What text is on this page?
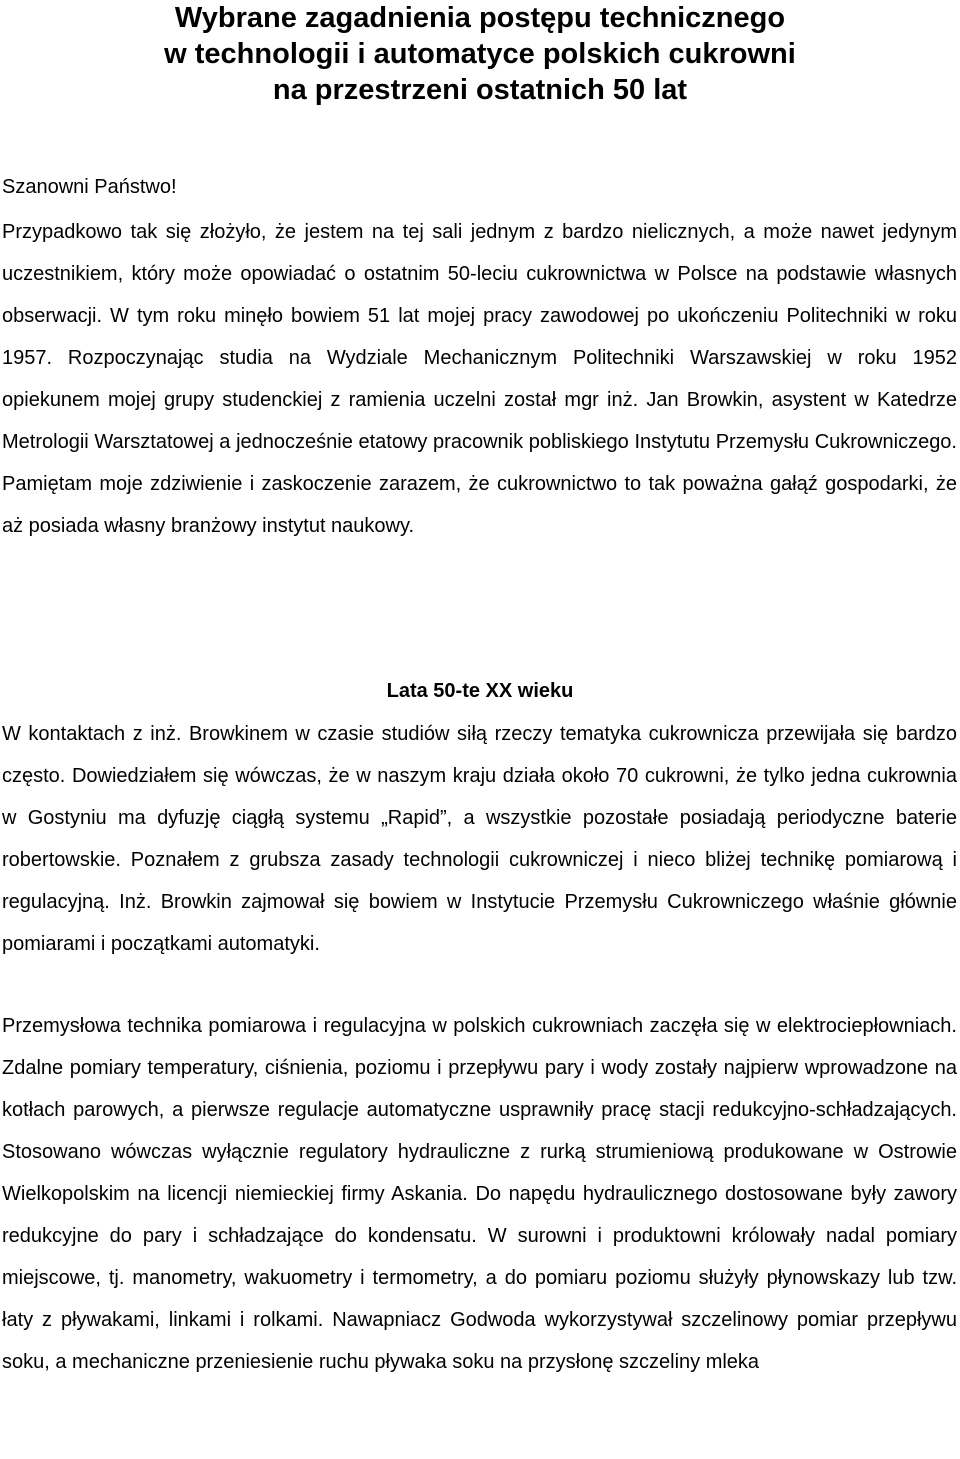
Wybrane zagadnienia postępu technicznego
w technologii i automatyce polskich cukrowni
na przestrzeni ostatnich 50 lat

Szanowni Państwo!

Przypadkowo tak się złożyło, że jestem na tej sali jednym z bardzo nielicznych, a może nawet jedynym uczestnikiem, który może opowiadać o ostatnim 50-leciu cukrownictwa w Polsce na podstawie własnych obserwacji. W tym roku minęło bowiem 51 lat mojej pracy zawodowej po ukończeniu Politechniki w roku 1957. Rozpoczynając studia na Wydziale Mechanicznym Politechniki Warszawskiej w roku 1952 opiekunem mojej grupy studenckiej z ramienia uczelni został mgr inż. Jan Browkin, asystent w Katedrze Metrologii Warsztatowej a jednocześnie etatowy pracownik pobliskiego Instytutu Przemysłu Cukrowniczego. Pamiętam moje zdziwienie i zaskoczenie zarazem, że cukrownictwo to tak poważna gałąź gospodarki, że aż posiada własny branżowy instytut naukowy.

Lata 50-te XX wieku

W kontaktach z inż. Browkinem w czasie studiów siłą rzeczy tematyka cukrownicza przewijała się bardzo często. Dowiedziałem się wówczas, że w naszym kraju działa około 70 cukrowni, że tylko jedna cukrownia w Gostyniu ma dyfuzję ciągłą systemu „Rapid”, a wszystkie pozostałe posiadają periodyczne baterie robertowskie. Poznałem z grubsza zasady technologii cukrowniczej i nieco bliżej technikę pomiarową i regulacyjną. Inż. Browkin zajmował się bowiem w Instytucie Przemysłu Cukrowniczego właśnie głównie pomiarami i początkami automatyki.

Przemysłowa technika pomiarowa i regulacyjna w polskich cukrowniach zaczęła się w elektrociepłowniach. Zdalne pomiary temperatury, ciśnienia, poziomu i przepływu pary i wody zostały najpierw wprowadzone na kotłach parowych, a pierwsze regulacje automatyczne usprawniły pracę stacji redukcyjno-schładzających. Stosowano wówczas wyłącznie regulatory hydrauliczne z rurką strumieniową produkowane w Ostrowie Wielkopolskim na licencji niemieckiej firmy Askania. Do napędu hydraulicznego dostosowane były zawory redukcyjne do pary i schładzające do kondensatu. W surowni i produktowni królowały nadal pomiary miejscowe, tj. manometry, wakuometry i termometry, a do pomiaru poziomu służyły płynowskazy lub tzw. łaty z pływakami, linkami i rolkami. Nawapniacz Godwoda wykorzystywał szczelinowy pomiar przepływu soku, a mechaniczne przeniesienie ruchu pływaka soku na przysłonę szczeliny mleka
